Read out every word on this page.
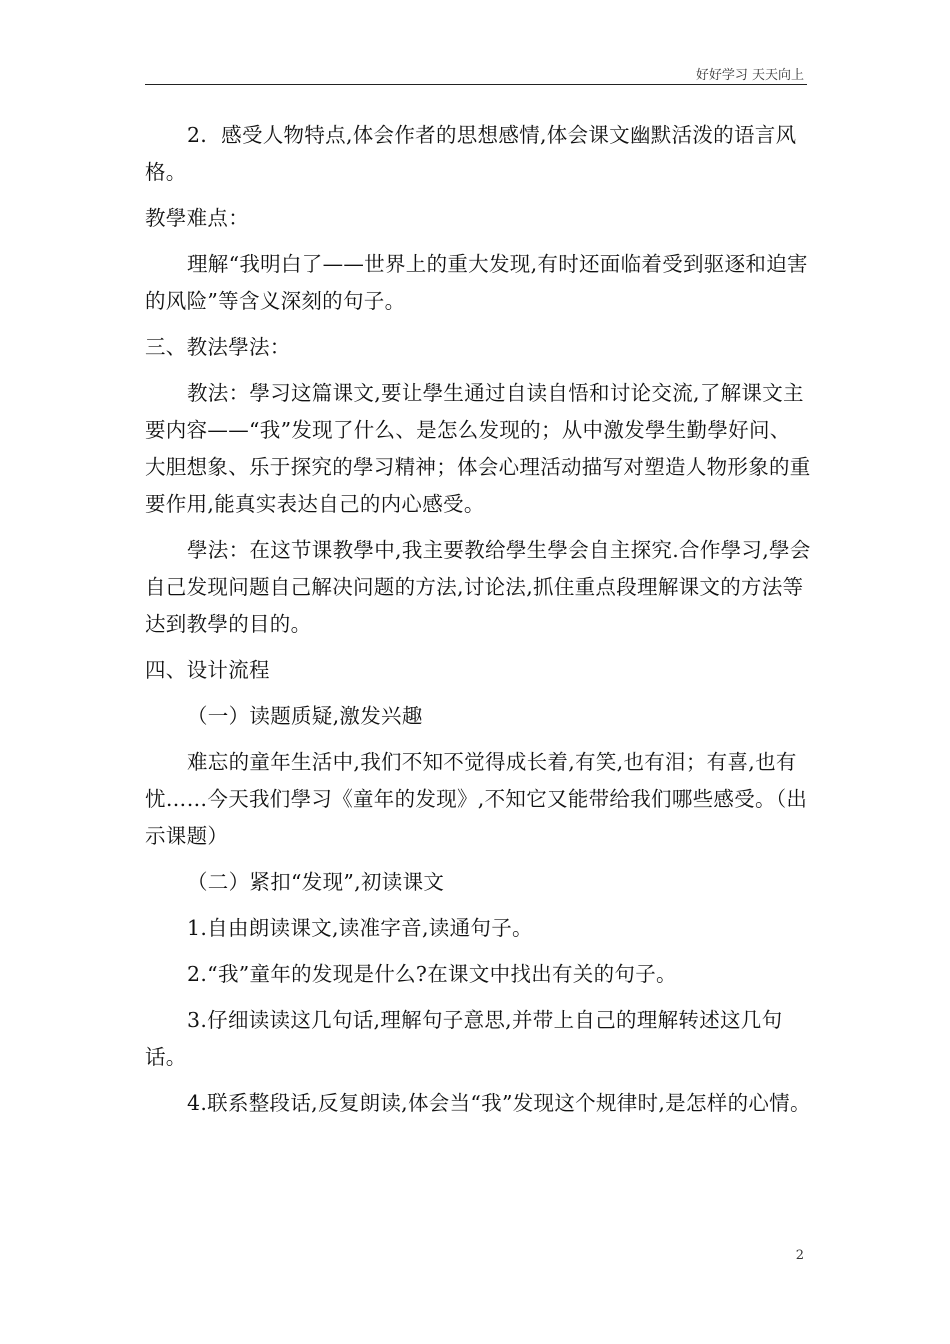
好好学习 天天向上

2．感受人物特点,体会作者的思想感情,体会课文幽默活泼的语言风格。

教學难点：

理解“我明白了——世界上的重大发现,有时还面临着受到驱逐和迫害的风险”等含义深刻的句子。

三、教法學法：

教法：學习这篇课文,要让學生通过自读自悟和讨论交流,了解课文主要内容——“我”发现了什么、是怎么发现的；从中激发學生勤學好问、大胆想象、乐于探究的學习精神；体会心理活动描写对塑造人物形象的重要作用,能真实表达自己的内心感受。

學法：在这节课教學中,我主要教给學生學会自主探究.合作學习,學会自己发现问题自己解决问题的方法,讨论法,抓住重点段理解课文的方法等达到教學的目的。

四、设计流程

（一）读题质疑,激发兴趣

难忘的童年生活中,我们不知不觉得成长着,有笑,也有泪；有喜,也有忧……今天我们學习《童年的发现》,不知它又能带给我们哪些感受。（出示课题）

（二）紧扣“发现”,初读课文

1.自由朗读课文,读准字音,读通句子。

2.“我”童年的发现是什么?在课文中找出有关的句子。

3.仔细读读这几句话,理解句子意思,并带上自己的理解转述这几句话。

4.联系整段话,反复朗读,体会当“我”发现这个规律时,是怎样的心情。

2
